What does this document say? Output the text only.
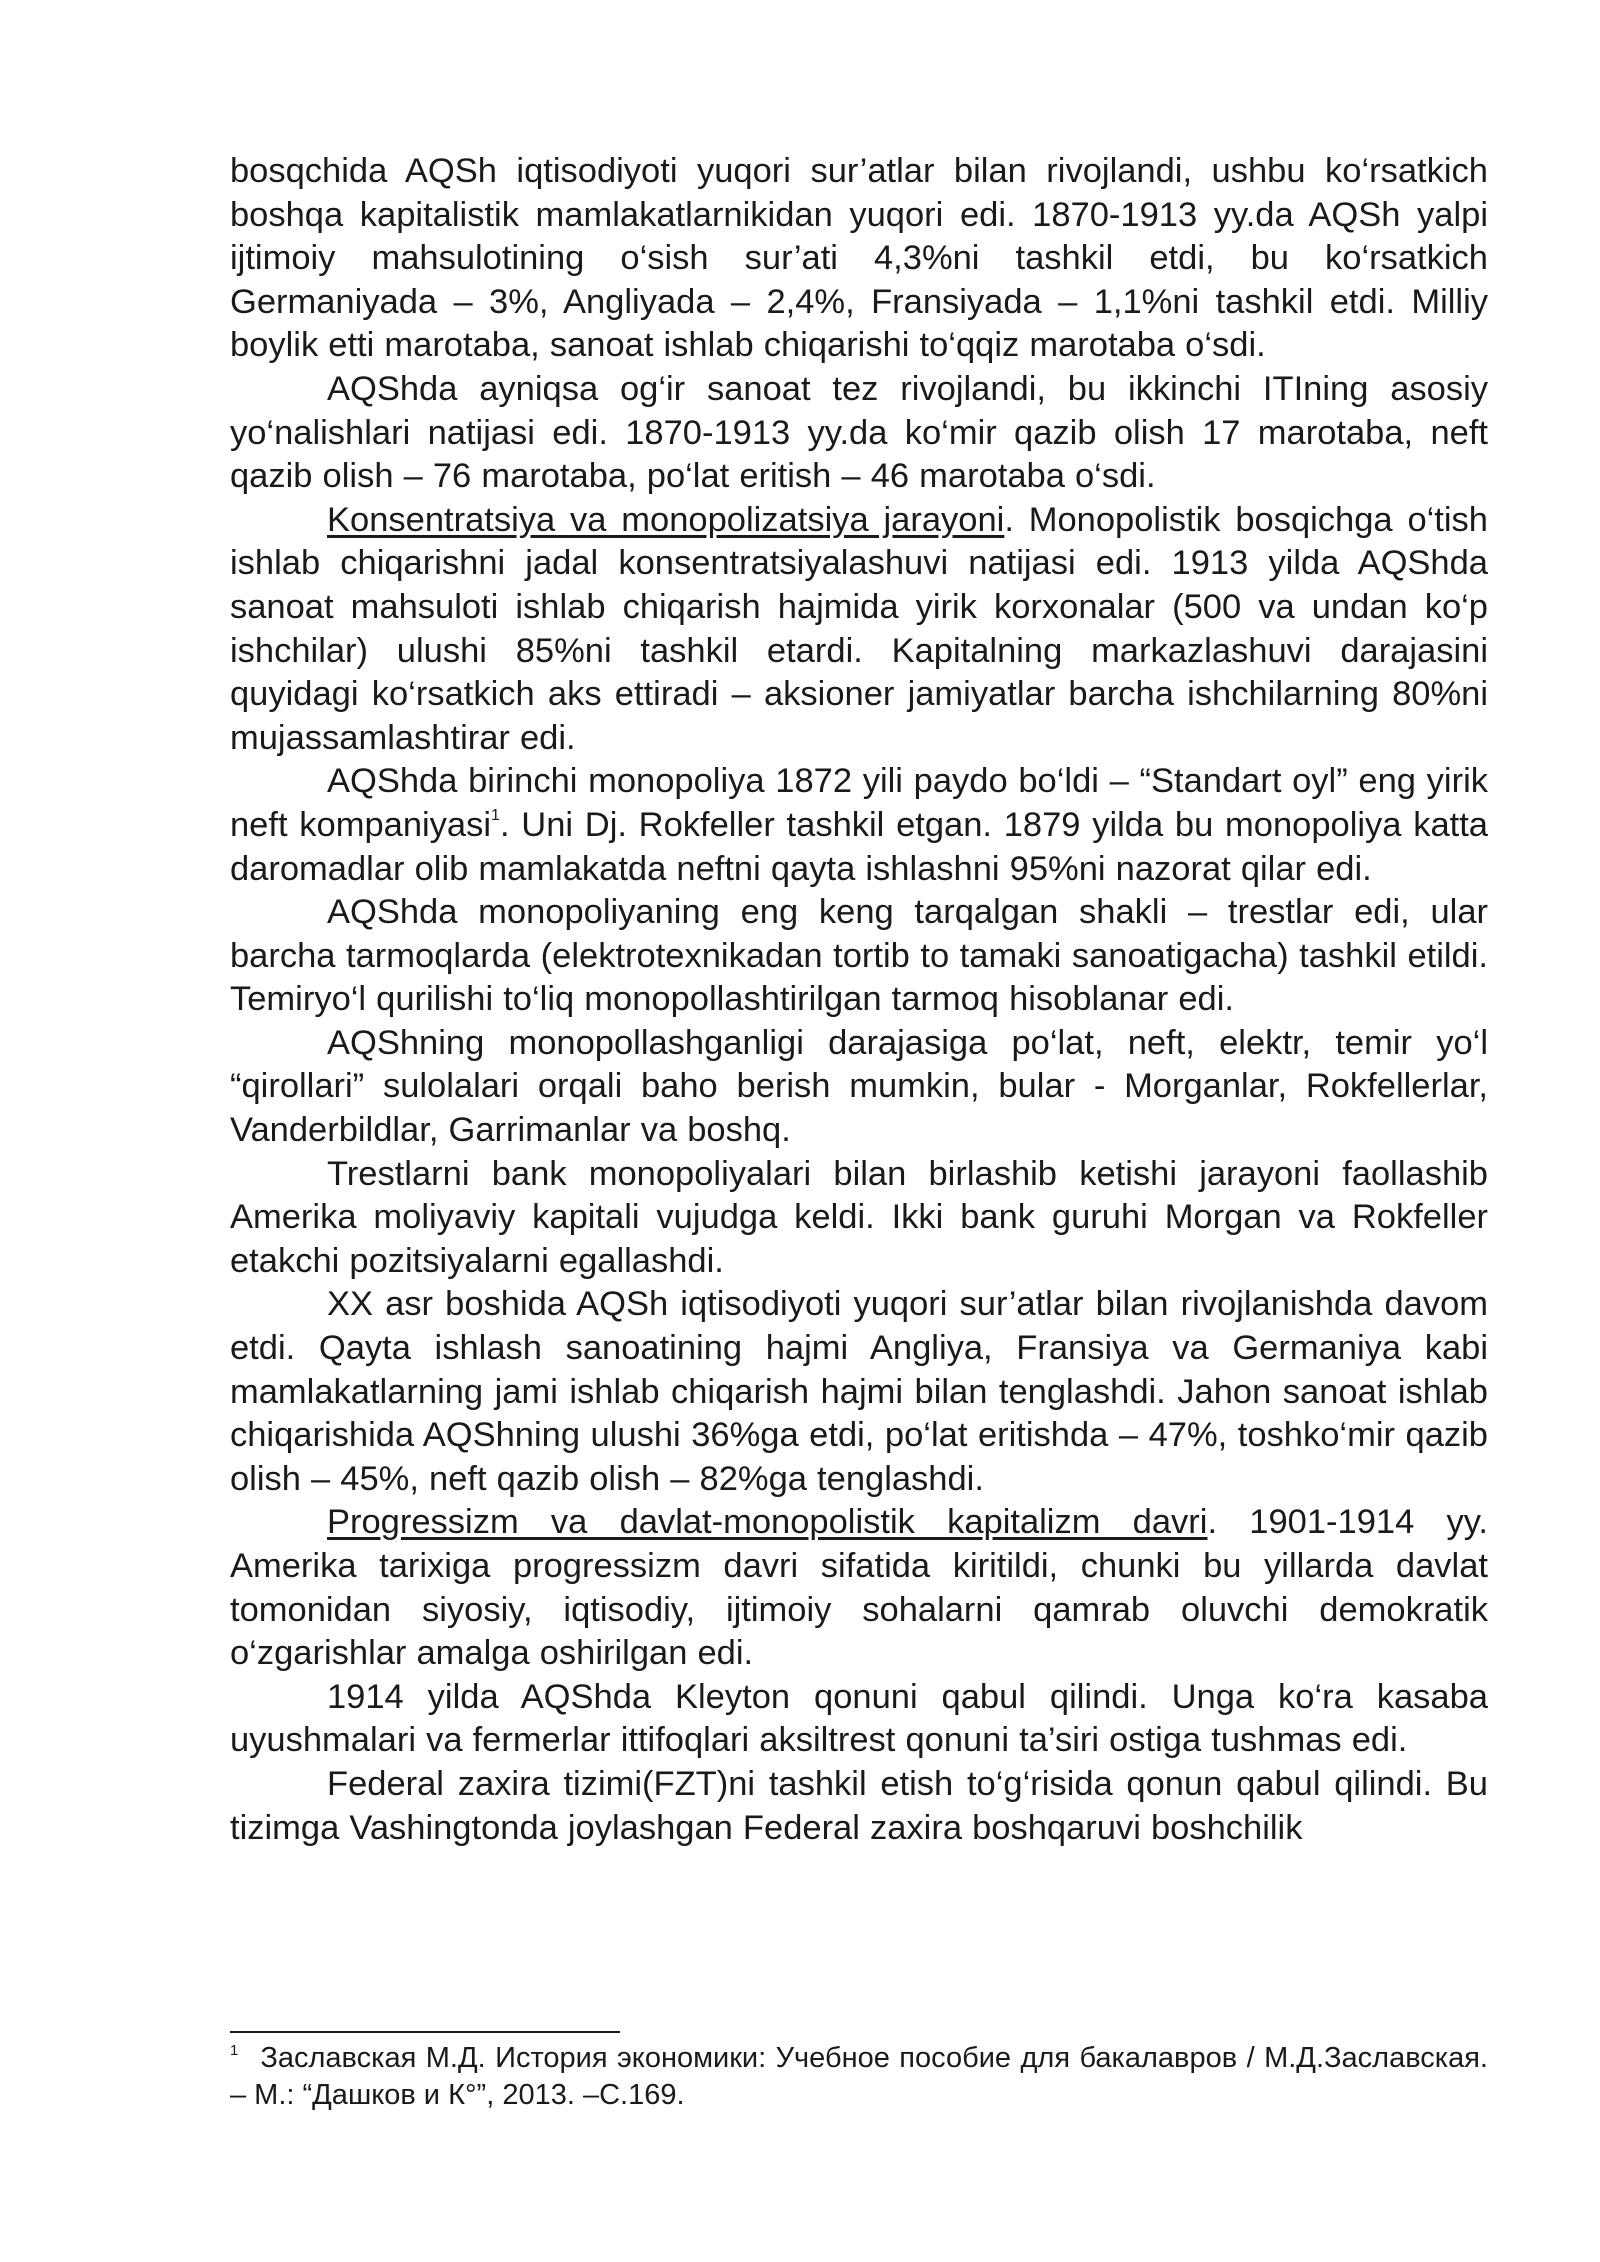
bosqchida AQSh iqtisodiyoti yuqori sur’atlar bilan rivojlandi, ushbu ko‘rsatkich boshqa kapitalistik mamlakatlarnikidan yuqori edi. 1870-1913 yy.da AQSh yalpi ijtimoiy mahsulotining o‘sish sur’ati 4,3%ni tashkil etdi, bu ko‘rsatkich Germaniyada – 3%, Angliyada – 2,4%, Fransiyada – 1,1%ni tashkil etdi. Milliy boylik etti marotaba, sanoat ishlab chiqarishi to‘qqiz marotaba o‘sdi.

AQShda ayniqsa og‘ir sanoat tez rivojlandi, bu ikkinchi ITIning asosiy yo‘nalishlari natijasi edi. 1870-1913 yy.da ko‘mir qazib olish 17 marotaba, neft qazib olish – 76 marotaba, po‘lat eritish – 46 marotaba o‘sdi.

Konsentratsiya va monopolizatsiya jarayoni. Monopolistik bosqichga o‘tish ishlab chiqarishni jadal konsentratsiyalashuvi natijasi edi. 1913 yilda AQShda sanoat mahsuloti ishlab chiqarish hajmida yirik korxonalar (500 va undan ko‘p ishchilar) ulushi 85%ni tashkil etardi. Kapitalning markazlashuvi darajasini quyidagi ko‘rsatkich aks ettiradi – aksioner jamiyatlar barcha ishchilarning 80%ni mujassamlashtirar edi.

AQShda birinchi monopoliya 1872 yili paydo bo‘ldi – “Standart oyl” eng yirik neft kompaniyasi$^1$. Uni Dj. Rokfeller tashkil etgan. 1879 yilda bu monopoliya katta daromadlar olib mamlakatda neftni qayta ishlashni 95%ni nazorat qilar edi.

AQShda monopoliyaning eng keng tarqalgan shakli – trestlar edi, ular barcha tarmoqlarda (elektrotexnikadan tortib to tamaki sanoatigacha) tashkil etildi. Temiryo‘l qurilishi to‘liq monopollashtirilgan tarmoq hisoblanar edi.

AQShning monopollashganligi darajasiga po‘lat, neft, elektr, temir yo‘l “qirollari” sulolalari orqali baho berish mumkin, bular - Morganlar, Rokfellerlar, Vanderbildlar, Garrimanlar va boshq.

Trestlarni bank monopoliyalari bilan birlashib ketishi jarayoni faollashib Amerika moliyaviy kapitali vujudga keldi. Ikki bank guruhi Morgan va Rokfeller etakchi pozitsiyalarni egallashdi.

XX asr boshida AQSh iqtisodiyoti yuqori sur’atlar bilan rivojlanishda davom etdi. Qayta ishlash sanoatining hajmi Angliya, Fransiya va Germaniya kabi mamlakatlarning jami ishlab chiqarish hajmi bilan tenglashdi. Jahon sanoat ishlab chiqarishida AQShning ulushi 36%ga etdi, po‘lat eritishda – 47%, toshko‘mir qazib olish – 45%, neft qazib olish – 82%ga tenglashdi.

Progressizm va davlat-monopolistik kapitalizm davri. 1901-1914 yy. Amerika tarixiga progressizm davri sifatida kiritildi, chunki bu yillarda davlat tomonidan siyosiy, iqtisodiy, ijtimoiy sohalarni qamrab oluvchi demokratik o‘zgarishlar amalga oshirilgan edi.

1914 yilda AQShda Kleyton qonuni qabul qilindi. Unga ko‘ra kasaba uyushmalari va fermerlar ittifoqlari aksiltrest qonuni ta’siri ostiga tushmas edi.

Federal zaxira tizimi(FZT)ni tashkil etish to‘g‘risida qonun qabul qilindi. Bu tizimga Vashingtonda joylashgan Federal zaxira boshqaruvi boshchilik

$^1$ Заславская М.Д. История экономики: Учебное пособие для бакалавров / М.Д.Заславская. – М.: “Дашков и К°”, 2013. –С.169.
